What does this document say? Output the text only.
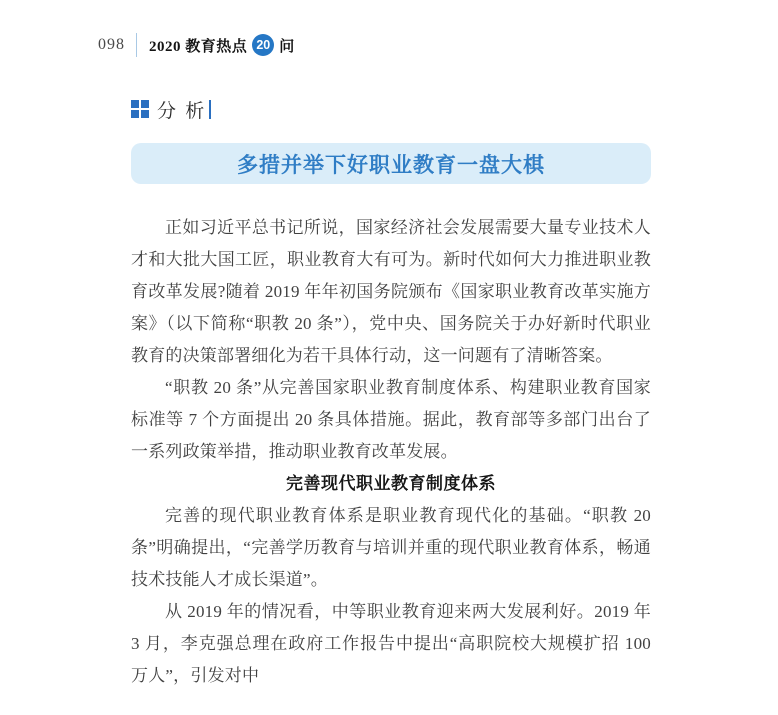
098 2020 教育热点 20 问
分 析
多措并举下好职业教育一盘大棋

正如习近平总书记所说，国家经济社会发展需要大量专业技术人才和大批大国工匠，职业教育大有可为。新时代如何大力推进职业教育改革发展?随着 2019 年年初国务院颁布《国家职业教育改革实施方案》（以下简称“职教 20 条”），党中央、国务院关于办好新时代职业教育的决策部署细化为若干具体行动，这一问题有了清晰答案。

“职教 20 条”从完善国家职业教育制度体系、构建职业教育国家标准等 7 个方面提出 20 条具体措施。据此，教育部等多部门出台了一系列政策举措，推动职业教育改革发展。

完善现代职业教育制度体系

完善的现代职业教育体系是职业教育现代化的基础。“职教 20 条”明确提出，“完善学历教育与培训并重的现代职业教育体系，畅通技术技能人才成长渠道”。

从 2019 年的情况看，中等职业教育迎来两大发展利好。2019 年 3 月，李克强总理在政府工作报告中提出“高职院校大规模扩招 100 万人”，引发对中
